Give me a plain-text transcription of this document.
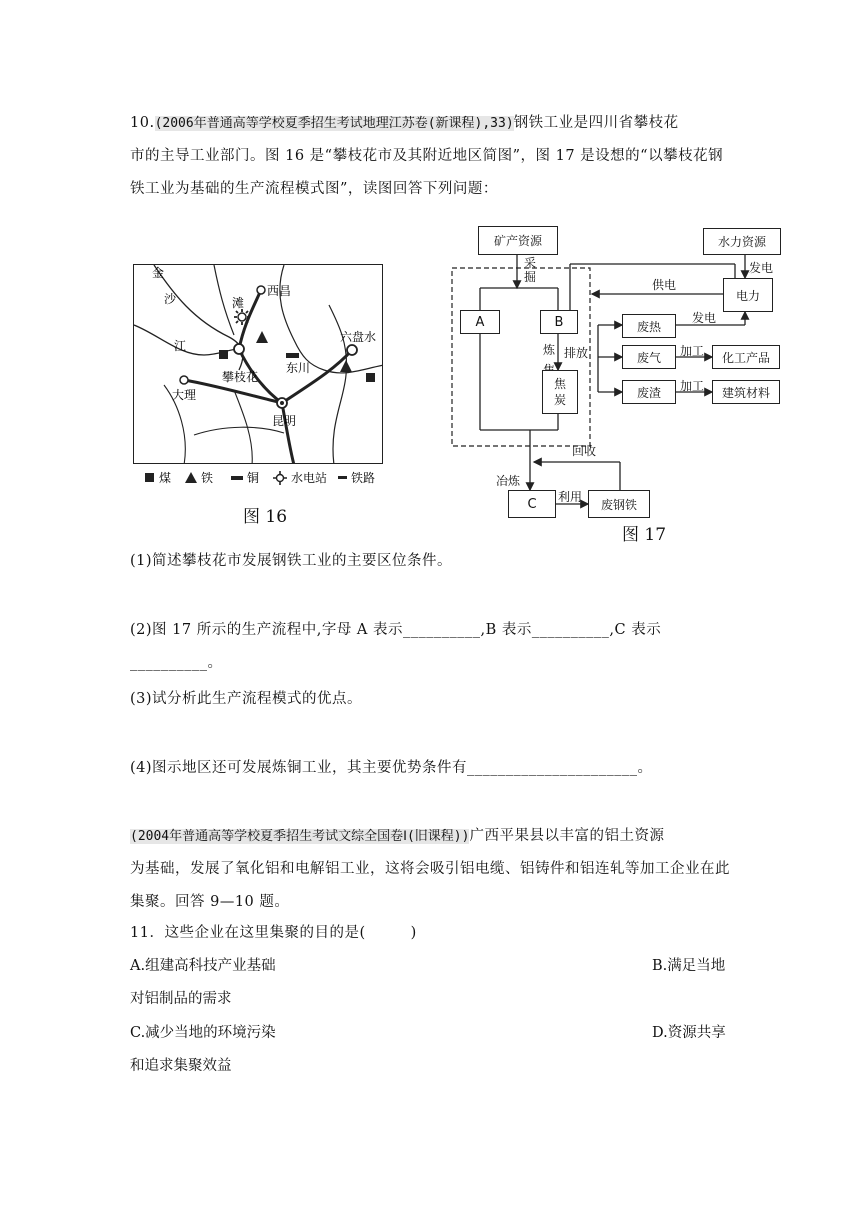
10.(2006年普通高等学校夏季招生考试地理江苏卷(新课程),33)钢铁工业是四川省攀枝花
市的主导工业部门。图 16 是“攀枝花市及其附近地区简图”，图 17 是设想的“以攀枝花钢
铁工业为基础的生产流程模式图”，读图回答下列问题：
金
沙
江
滩
西昌
攀枝花
东川
六盘水
大理
昆明
煤 铁	铜	水电站 铁路
图 16
矿产资源
采掘
水力资源
发电
电力
供电
A	B
炼 排放
焦炭
废热
发电
废气	加工	化工产品
废渣	加工	建筑材料
回收
冶炼
C	利用
废钢铁
图 17
(1)简述攀枝花市发展钢铁工业的主要区位条件。
(2)图 17 所示的生产流程中,字母 A 表示__________,B 表示__________,C 表示__________。
(3)试分析此生产流程模式的优点。
(4)图示地区还可发展炼铜工业，其主要优势条件有______________________。
(2004年普通高等学校夏季招生考试文综全国卷Ⅰ(旧课程))广西平果县以丰富的铝土资源
为基础，发展了氧化铝和电解铝工业，这将会吸引铝电缆、铝铸件和铝连轧等加工企业在此
集聚。回答 9—10 题。
11．这些企业在这里集聚的目的是(　　　)
A.组建高科技产业基础	B.满足当地
对铝制品的需求
C.减少当地的环境污染	D.资源共享
和追求集聚效益
